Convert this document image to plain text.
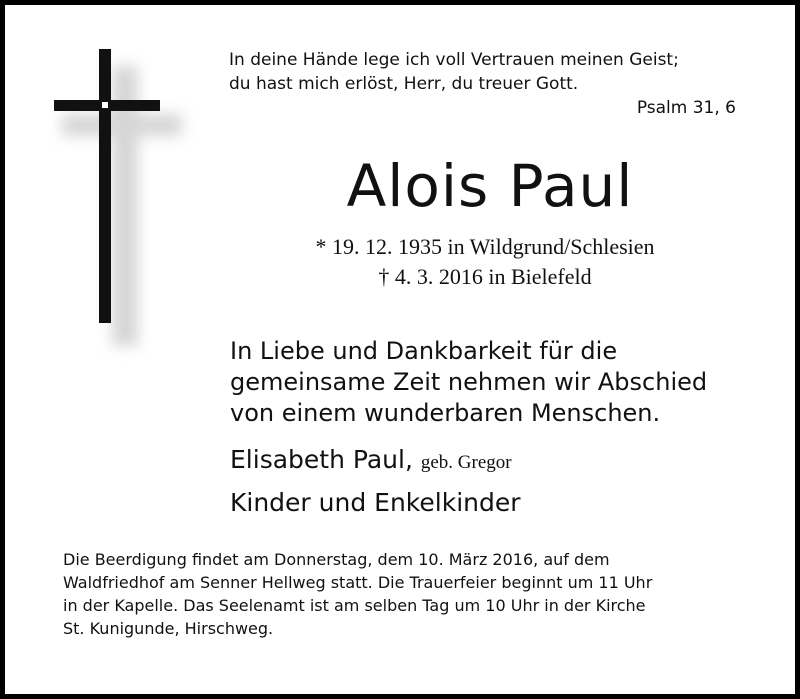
In deine Hände lege ich voll Vertrauen meinen Geist;
du hast mich erlöst, Herr, du treuer Gott.
Psalm 31, 6
Alois Paul
* 19. 12. 1935 in Wildgrund/Schlesien
† 4. 3. 2016 in Bielefeld
In Liebe und Dankbarkeit für die
gemeinsame Zeit nehmen wir Abschied
von einem wunderbaren Menschen.
Elisabeth Paul, geb. Gregor
Kinder und Enkelkinder
Die Beerdigung findet am Donnerstag, dem 10. März 2016, auf dem
Waldfriedhof am Senner Hellweg statt. Die Trauerfeier beginnt um 11 Uhr
in der Kapelle. Das Seelenamt ist am selben Tag um 10 Uhr in der Kirche
St. Kunigunde, Hirschweg.
